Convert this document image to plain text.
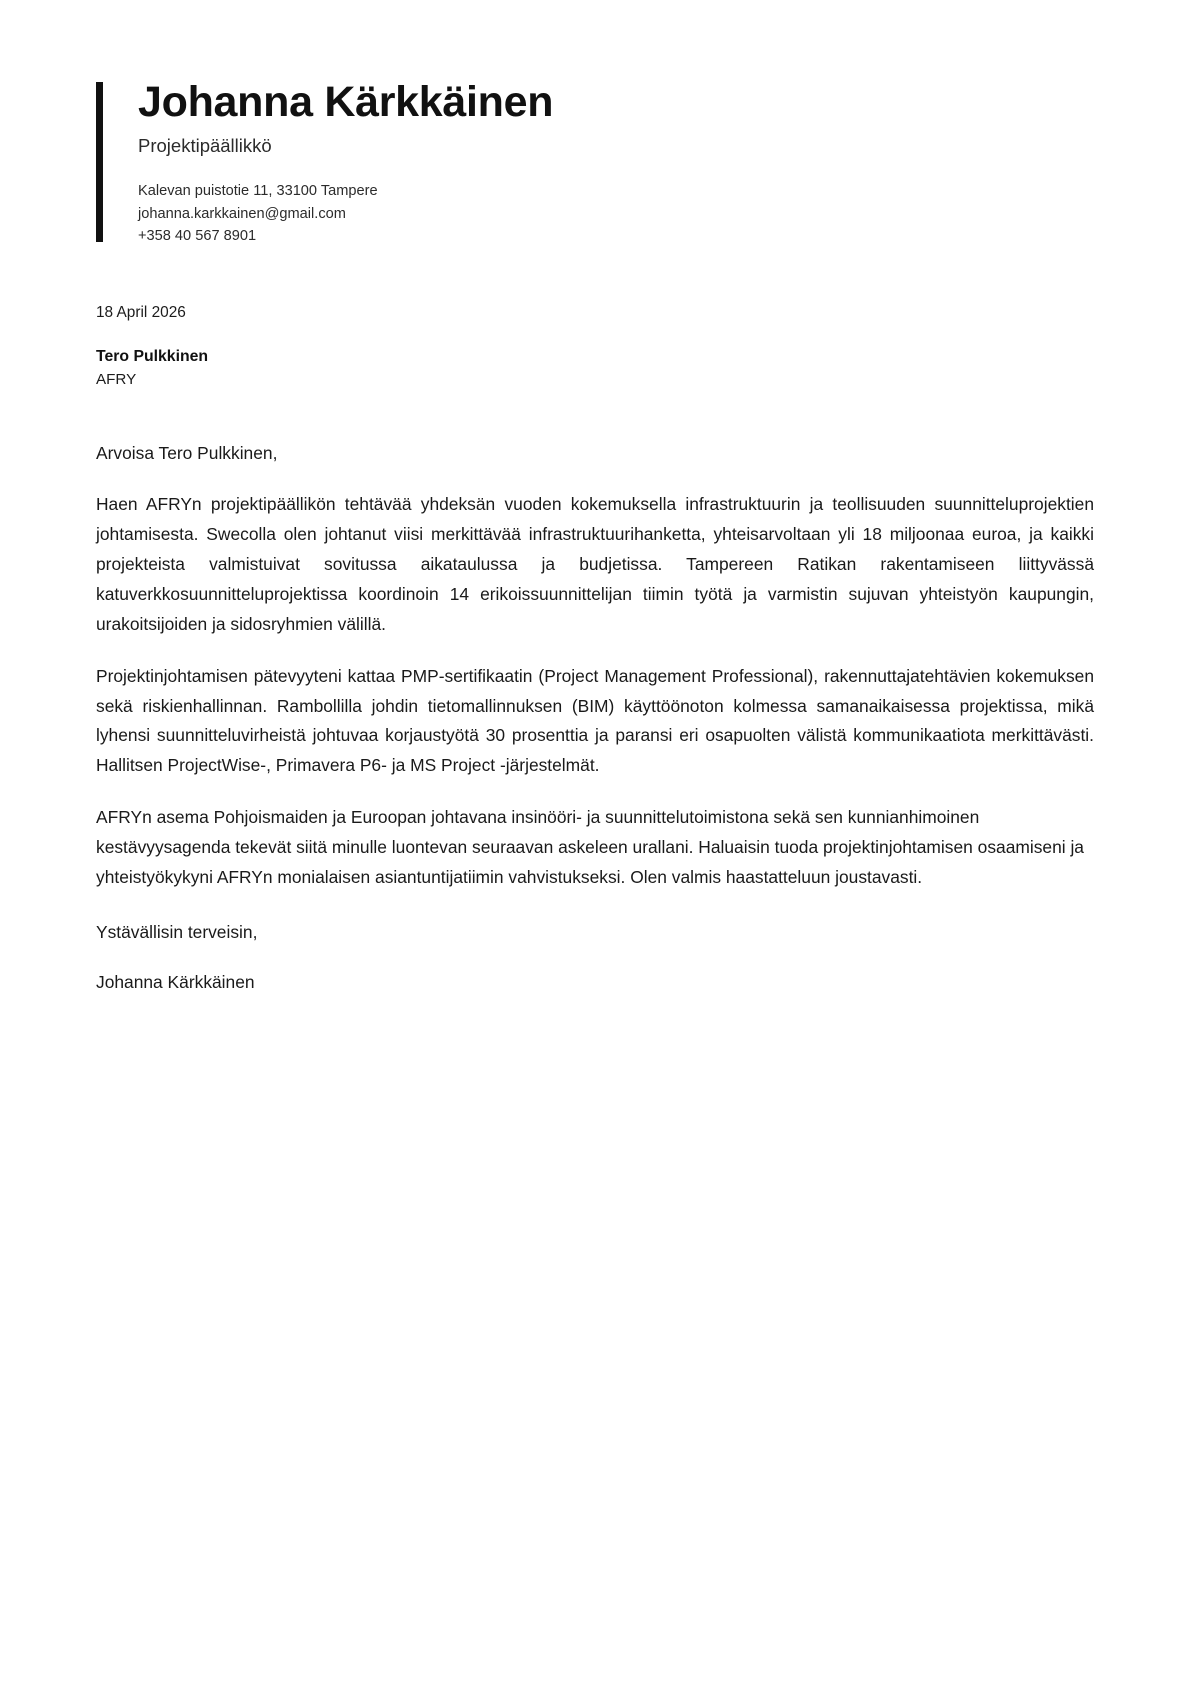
Johanna Kärkkäinen
Projektipäällikkö
Kalevan puistotie 11, 33100 Tampere
johanna.karkkainen@gmail.com
+358 40 567 8901
18 April 2026
Tero Pulkkinen
AFRY
Arvoisa Tero Pulkkinen,

Haen AFRYn projektipäällikön tehtävää yhdeksän vuoden kokemuksella infrastruktuurin ja teollisuuden suunnitteluprojektien johtamisesta. Swecolla olen johtanut viisi merkittävää infrastruktuurihanketta, yhteisarvoltaan yli 18 miljoonaa euroa, ja kaikki projekteista valmistuivat sovitussa aikataulussa ja budjetissa. Tampereen Ratikan rakentamiseen liittyvässä katuverkkosuunnitteluprojektissa koordinoin 14 erikoissuunnittelijan tiimin työtä ja varmistin sujuvan yhteistyön kaupungin, urakoitsijoiden ja sidosryhmien välillä.

Projektinjohtamisen pätevyyteni kattaa PMP-sertifikaatin (Project Management Professional), rakennuttajatehtävien kokemuksen sekä riskienhallinnan. Rambollilla johdin tietomallinnuksen (BIM) käyttöönoton kolmessa samanaikaisessa projektissa, mikä lyhensi suunnitteluvirheistä johtuvaa korjaustyötä 30 prosenttia ja paransi eri osapuolten välistä kommunikaatiota merkittävästi. Hallitsen ProjectWise-, Primavera P6- ja MS Project -järjestelmät.

AFRYn asema Pohjoismaiden ja Euroopan johtavana insinööri- ja suunnittelutoimistona sekä sen kunnianhimoinen kestävyysagenda tekevät siitä minulle luontevan seuraavan askeleen urallani. Haluaisin tuoda projektinjohtamisen osaamiseni ja yhteistyökykyni AFRYn monialaisen asiantuntijatiimin vahvistukseksi. Olen valmis haastatteluun joustavasti.

Ystävällisin terveisin,
Johanna Kärkkäinen
